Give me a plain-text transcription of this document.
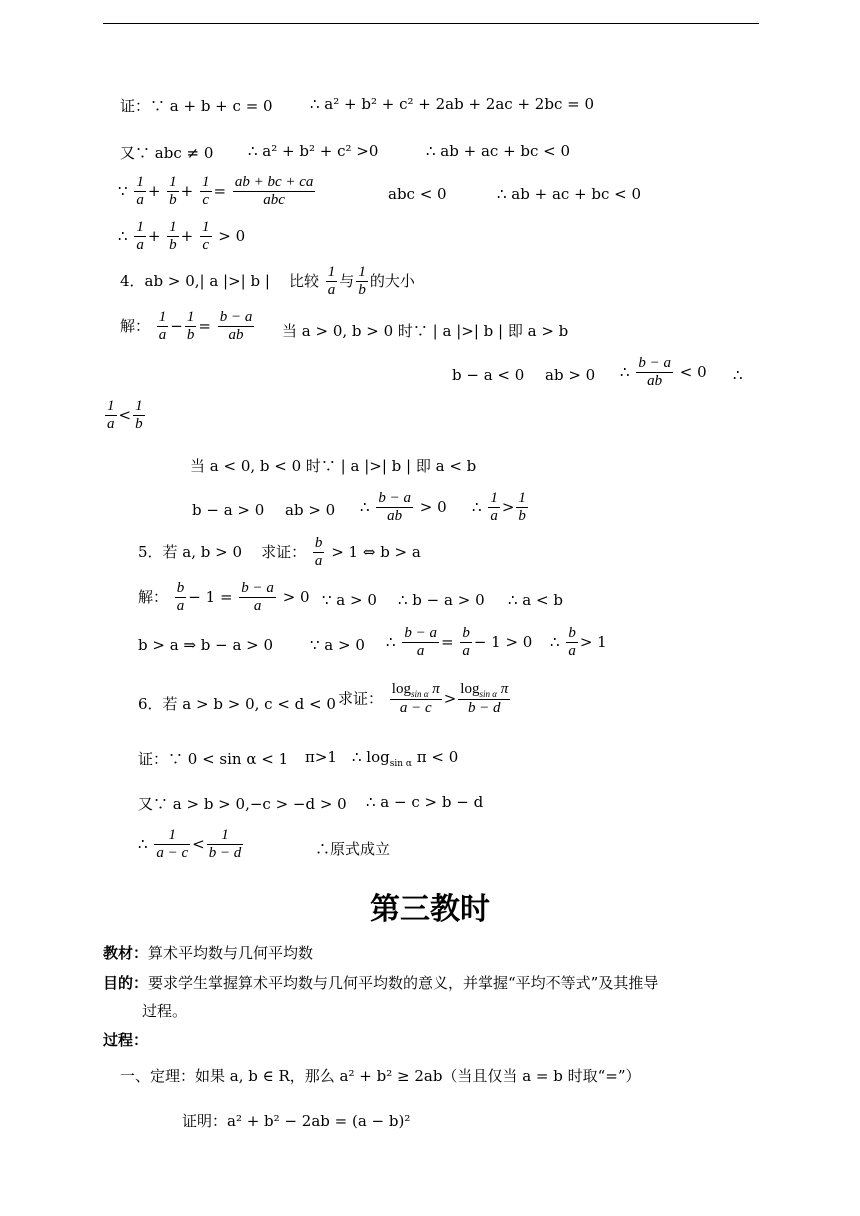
证：∵ a + b + c = 0 ∴ a² + b² + c² + 2ab + 2ac + 2bc = 0
又∵ abc ≠ 0 ∴ a² + b² + c² >0	∴ ab + ac + bc < 0
∵ $\frac{1}{a} + \frac{1}{b} + \frac{1}{c} = \frac{ab + bc + ca}{\text{abc}}$	abc < 0	∴ ab + ac + bc < 0
∴ $\frac{1}{a} + \frac{1}{b} + \frac{1}{c} > 0$
4．ab > 0,| a |>| b | 比较 $\frac{1}{a}$ 与 $\frac{1}{b}$ 的大小
解： $\frac{1}{a} - \frac{1}{b} = \frac{b - a}{ab}$ 当 a > 0, b > 0 时∵ | a |>| b | 即 a > b
b − a < 0 ab > 0 ∴ $\frac{b - a}{ab} < 0$ ∴
$\frac{1}{a} < \frac{1}{b}$
当 a < 0, b < 0 时∵ | a |>| b | 即 a < b
b − a > 0 ab > 0 ∴ $\frac{b - a}{ab} > 0$ ∴ $\frac{1}{a} > \frac{1}{b}$
5．若 a, b > 0 求证： $\frac{b}{a} > 1$ ⇔ b > a
解： $\frac{b}{a} - 1 = \frac{b - a}{a} > 0$ ∵ a > 0 ∴ b − a > 0 ∴ a < b
b > a ⇒ b − a > 0 ∵ a > 0 ∴ $\frac{b - a}{a} = \frac{b}{a} - 1 > 0$ ∴ $\frac{b}{a} > 1$
6．若 a > b > 0, c < d < 0 求证： $\frac{\log_{sin \alpha} \pi}{a - c} > \frac{\log_{sin \alpha} \pi}{b - d}$
证：∵ 0 < sin α < 1 π>1 ∴ $\log_{sin \alpha} \pi < 0$
又∵ a > b > 0,−c > −d > 0 ∴ a − c > b − d
∴ $\frac{1}{a - c} < \frac{1}{b - d}$	∴原式成立
第三教时
教材：算术平均数与几何平均数
目的：要求学生掌握算术平均数与几何平均数的意义，并掌握“平均不等式”及其推导
过程。
过程：
一、定理：如果 a, b ∈ R，那么 a² + b² ≥ 2ab（当且仅当 a = b 时取“=”）
证明：a² + b² − 2ab = (a − b)²
